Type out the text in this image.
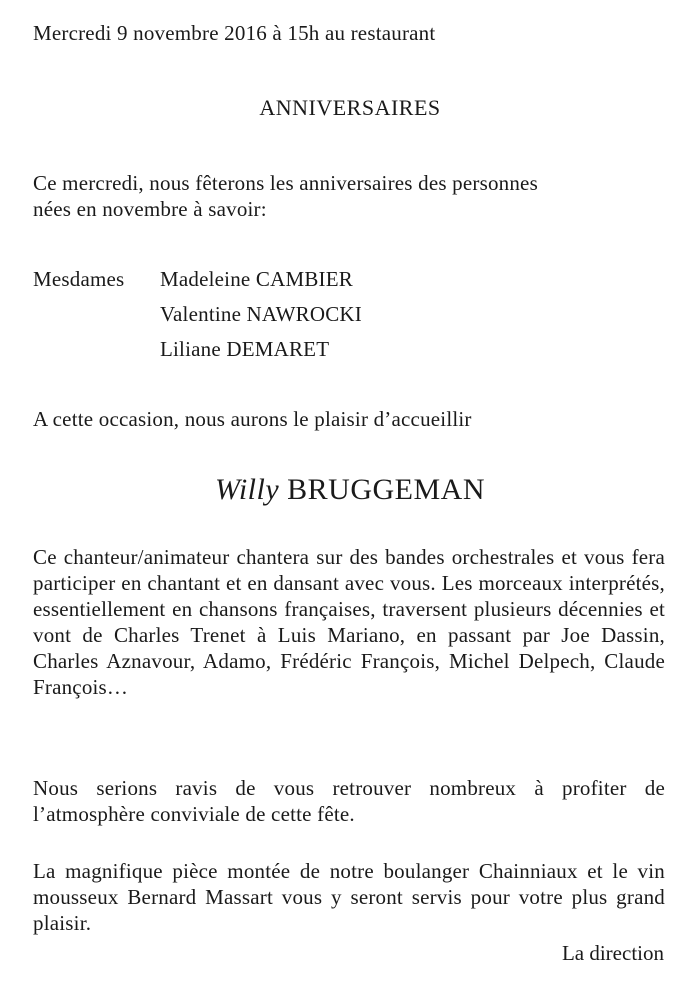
Mercredi 9 novembre 2016 à 15h au restaurant
ANNIVERSAIRES
Ce mercredi, nous fêterons les anniversaires des personnes
nées en novembre à savoir:
Mesdames Madeleine CAMBIER
Valentine NAWROCKI
Liliane DEMARET
A cette occasion, nous aurons le plaisir d’accueillir
Willy BRUGGEMAN
Ce chanteur/animateur chantera sur des bandes orchestrales et vous fera participer en chantant et en dansant avec vous. Les morceaux interprétés, essentiellement en chansons françaises, traversent plusieurs décennies et vont de Charles Trenet à Luis Mariano, en passant par Joe Dassin, Charles Aznavour, Adamo, Frédéric François, Michel Delpech, Claude François…
Nous serions ravis de vous retrouver nombreux à profiter de l’atmosphère conviviale de cette fête.
La magnifique pièce montée de notre boulanger Chainniaux et le vin mousseux Bernard Massart vous y seront servis pour votre plus grand plaisir.
La direction
